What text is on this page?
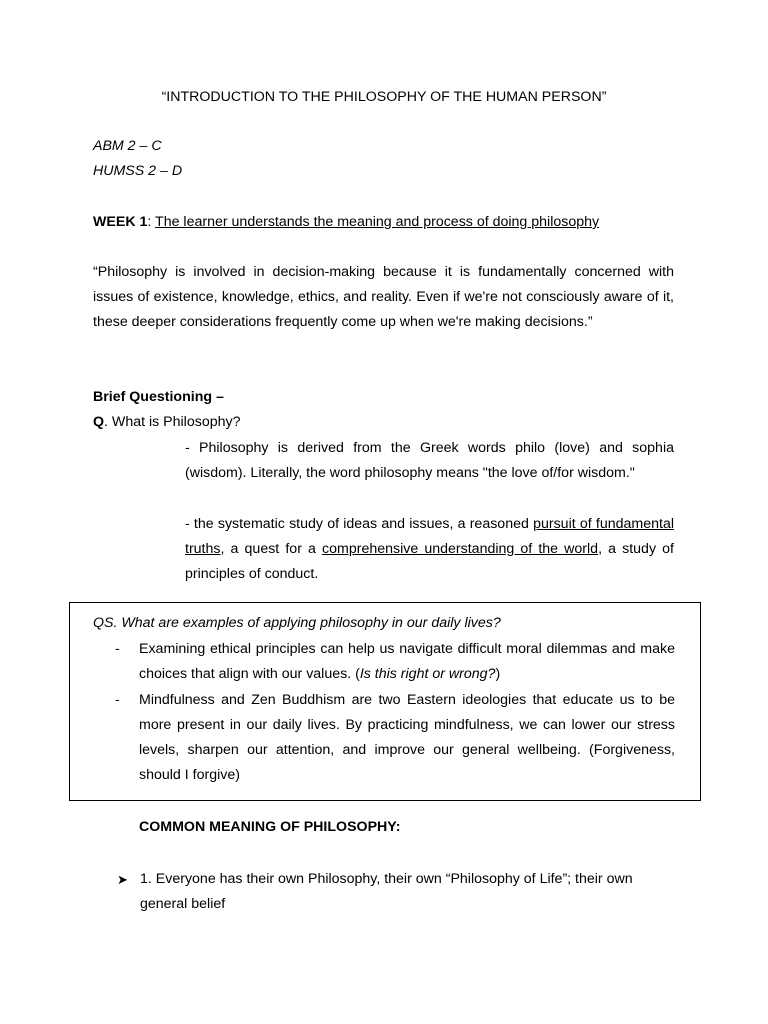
“INTRODUCTION TO THE PHILOSOPHY OF THE HUMAN PERSON”
ABM 2 – C
HUMSS 2 – D
WEEK 1: The learner understands the meaning and process of doing philosophy
“Philosophy is involved in decision-making because it is fundamentally concerned with issues of existence, knowledge, ethics, and reality. Even if we're not consciously aware of it, these deeper considerations frequently come up when we're making decisions.”
Brief Questioning –
Q. What is Philosophy?
- Philosophy is derived from the Greek words philo (love) and sophia (wisdom). Literally, the word philosophy means "the love of/for wisdom."
- the systematic study of ideas and issues, a reasoned pursuit of fundamental truths, a quest for a comprehensive understanding of the world, a study of principles of conduct.
QS. What are examples of applying philosophy in our daily lives?
- Examining ethical principles can help us navigate difficult moral dilemmas and make choices that align with our values. (Is this right or wrong?)
- Mindfulness and Zen Buddhism are two Eastern ideologies that educate us to be more present in our daily lives. By practicing mindfulness, we can lower our stress levels, sharpen our attention, and improve our general wellbeing. (Forgiveness, should I forgive)
COMMON MEANING OF PHILOSOPHY:
➤ 1. Everyone has their own Philosophy, their own “Philosophy of Life”; their own general belief
